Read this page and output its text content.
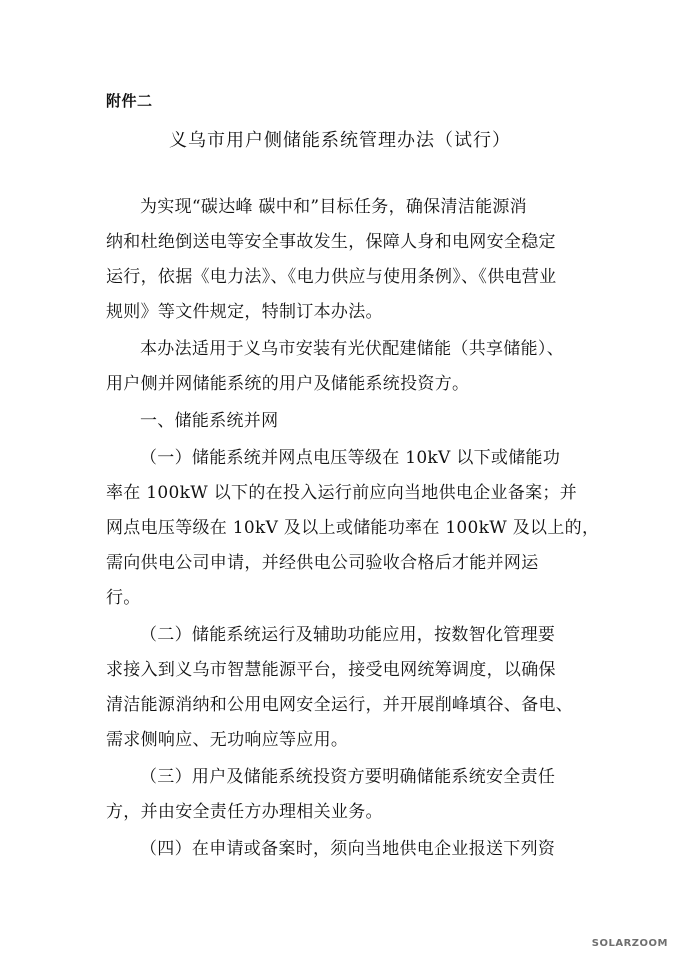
附件二
义乌市用户侧储能系统管理办法（试行）

为实现“碳达峰 碳中和”目标任务，确保清洁能源消
纳和杜绝倒送电等安全事故发生，保障人身和电网安全稳定
运行，依据《电力法》、《电力供应与使用条例》、《供电营业
规则》等文件规定，特制订本办法。

本办法适用于义乌市安装有光伏配建储能（共享储能）、
用户侧并网储能系统的用户及储能系统投资方。

一、储能系统并网

（一）储能系统并网点电压等级在 10kV 以下或储能功
率在 100kW 以下的在投入运行前应向当地供电企业备案；并
网点电压等级在 10kV 及以上或储能功率在 100kW 及以上的，
需向供电公司申请，并经供电公司验收合格后才能并网运
行。

（二）储能系统运行及辅助功能应用，按数智化管理要
求接入到义乌市智慧能源平台，接受电网统筹调度，以确保
清洁能源消纳和公用电网安全运行，并开展削峰填谷、备电、
需求侧响应、无功响应等应用。

（三）用户及储能系统投资方要明确储能系统安全责任
方，并由安全责任方办理相关业务。

（四）在申请或备案时，须向当地供电企业报送下列资

SOLARZOOM
